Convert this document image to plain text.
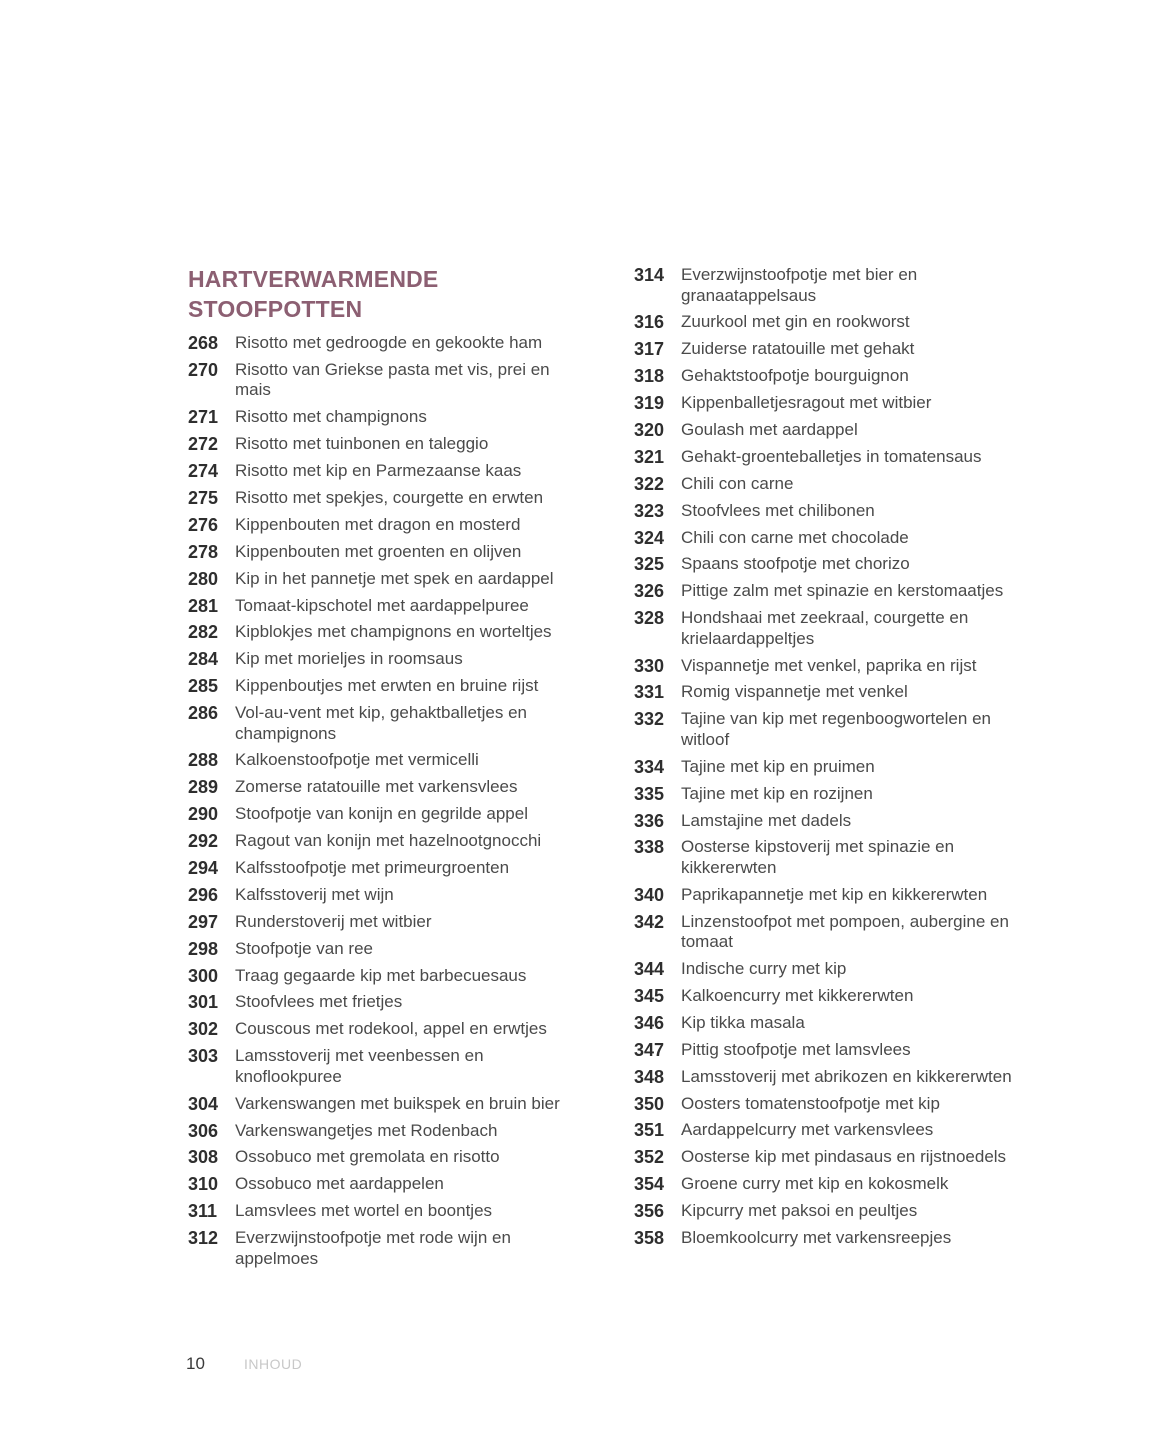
HARTVERWARMENDE
STOOFPOTTEN
268 Risotto met gedroogde en gekookte ham
270 Risotto van Griekse pasta met vis, prei en mais
271 Risotto met champignons
272 Risotto met tuinbonen en taleggio
274 Risotto met kip en Parmezaanse kaas
275 Risotto met spekjes, courgette en erwten
276 Kippenbouten met dragon en mosterd
278 Kippenbouten met groenten en olijven
280 Kip in het pannetje met spek en aardappel
281 Tomaat-kipschotel met aardappelpuree
282 Kipblokjes met champignons en worteltjes
284 Kip met morieljes in roomsaus
285 Kippenboutjes met erwten en bruine rijst
286 Vol-au-vent met kip, gehaktballetjes en champignons
288 Kalkoenstoofpotje met vermicelli
289 Zomerse ratatouille met varkensvlees
290 Stoofpotje van konijn en gegrilde appel
292 Ragout van konijn met hazelnootgnocchi
294 Kalfsstoofpotje met primeurgroenten
296 Kalfsstoverij met wijn
297 Runderstoverij met witbier
298 Stoofpotje van ree
300 Traag gegaarde kip met barbecuesaus
301 Stoofvlees met frietjes
302 Couscous met rodekool, appel en erwtjes
303 Lamsstoverij met veenbessen en knoflookpuree
304 Varkenswangen met buikspek en bruin bier
306 Varkenswangetjes met Rodenbach
308 Ossobuco met gremolata en risotto
310 Ossobuco met aardappelen
311	Lamsvlees met wortel en boontjes
312 Everzwijnstoofpotje met rode wijn en appelmoes
314 Everzwijnstoofpotje met bier en granaatappelsaus
316 Zuurkool met gin en rookworst
317 Zuiderse ratatouille met gehakt
318 Gehaktstoofpotje bourguignon
319 Kippenballetjesragout met witbier
320 Goulash met aardappel
321 Gehakt-groenteballetjes in tomatensaus
322 Chili con carne
323 Stoofvlees met chilibonen
324 Chili con carne met chocolade
325 Spaans stoofpotje met chorizo
326 Pittige zalm met spinazie en kerstomaatjes
328 Hondshaai met zeekraal, courgette en krielaardappeltjes
330 Vispannetje met venkel, paprika en rijst
331 Romig vispannetje met venkel
332 Tajine van kip met regenboogwortelen en witloof
334 Tajine met kip en pruimen
335 Tajine met kip en rozijnen
336 Lamstajine met dadels
338 Oosterse kipstoverij met spinazie en kikkererwten
340 Paprikapannetje met kip en kikkererwten
342 Linzenstoofpot met pompoen, aubergine en tomaat
344 Indische curry met kip
345 Kalkoencurry met kikkererwten
346 Kip tikka masala
347 Pittig stoofpotje met lamsvlees
348 Lamsstoverij met abrikozen en kikkererwten
350 Oosters tomatenstoofpotje met kip
351 Aardappelcurry met varkensvlees
352 Oosterse kip met pindasaus en rijstnoedels
354 Groene curry met kip en kokosmelk
356 Kipcurry met paksoi en peultjes
358 Bloemkoolcurry met varkensreepjes
10	INHOUD
